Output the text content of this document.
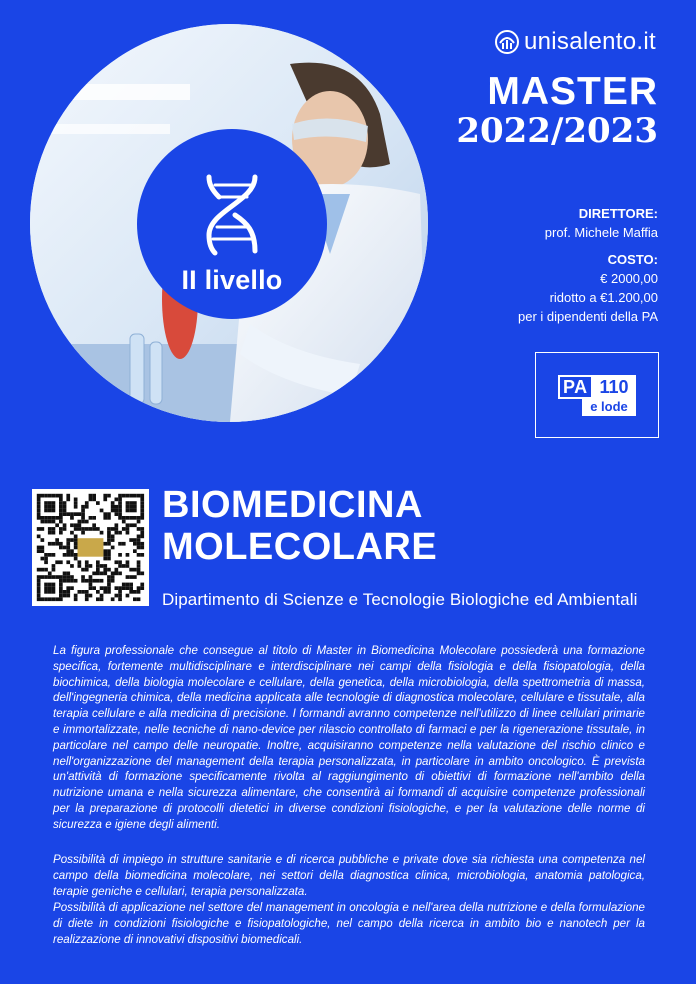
II livello
unisalento.it
MASTER
2022/2023
DIRETTORE:
prof. Michele Maffia
COSTO:
€ 2000,00
ridotto a €1.200,00
per i dipendenti della PA
PA 110
e lode
BIOMEDICINA
MOLECOLARE
Dipartimento di Scienze e Tecnologie Biologiche ed Ambientali

La figura professionale che consegue al titolo di Master in Biomedicina Molecolare possiederà una formazione specifica, fortemente multidisciplinare e interdisciplinare nei campi della fisiologia e della fisiopatologia, della biochimica, della biologia molecolare e cellulare, della genetica, della microbiologia, della spettrometria di massa, dell'ingegneria chimica, della medicina applicata alle tecnologie di diagnostica molecolare, cellulare e tissutale, alla terapia cellulare e alla medicina di precisione. I formandi avranno competenze nell'utilizzo di linee cellulari primarie e immortalizzate, nelle tecniche di nano-device per rilascio controllato di farmaci e per la rigenerazione tissutale, in particolare nel campo delle neuropatie. Inoltre, acquisiranno competenze nella valutazione del rischio clinico e nell'organizzazione del management della terapia personalizzata, in particolare in ambito oncologico. È prevista un'attività di formazione specificamente rivolta al raggiungimento di obiettivi di formazione nell'ambito della nutrizione umana e nella sicurezza alimentare, che consentirà ai formandi di acquisire competenze professionali per la preparazione di protocolli dietetici in diverse condizioni fisiologiche, e per la valutazione delle norme di sicurezza e igiene degli alimenti.

Possibilità di impiego in strutture sanitarie e di ricerca pubbliche e private dove sia richiesta una competenza nel campo della biomedicina molecolare, nei settori della diagnostica clinica, microbiologia, anatomia patologica, terapie geniche e cellulari, terapia personalizzata.

Possibilità di applicazione nel settore del management in oncologia e nell'area della nutrizione e della formulazione di diete in condizioni fisiologiche e fisiopatologiche, nel campo della ricerca in ambito bio e nanotech per la realizzazione di innovativi dispositivi biomedicali.
